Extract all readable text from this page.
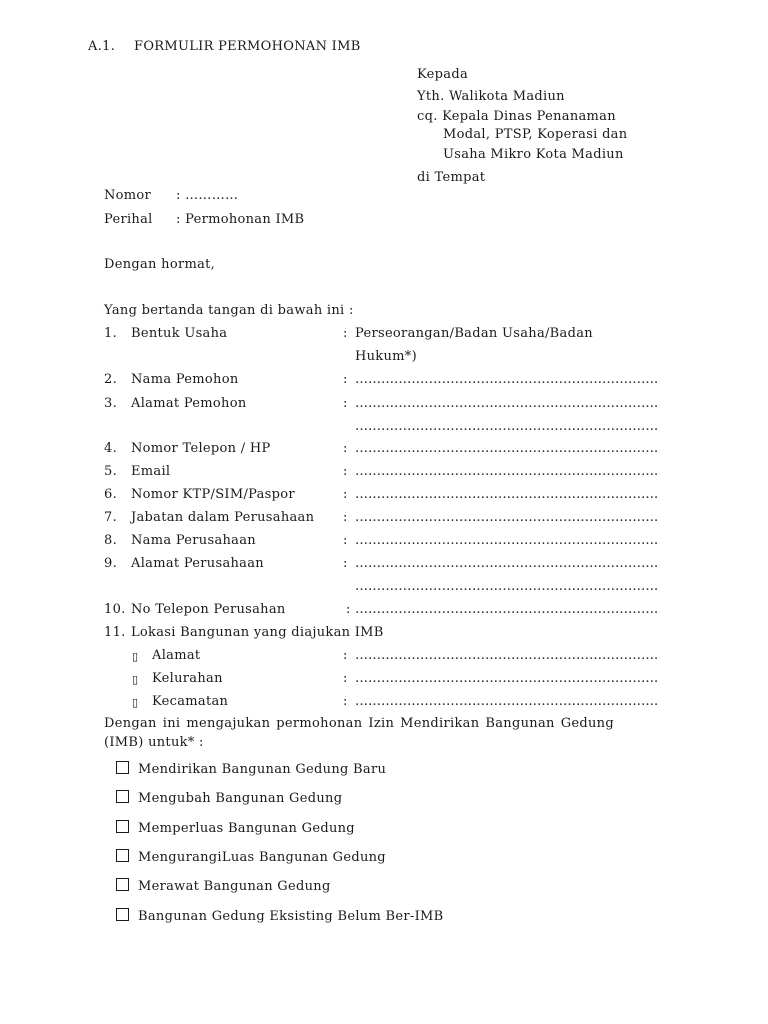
A.1. FORMULIR PERMOHONAN IMB
Kepada
Yth. Walikota Madiun
cq. Kepala Dinas Penanaman
Modal, PTSP, Koperasi dan
Usaha Mikro Kota Madiun
di Tempat
Nomor : …………
Perihal : Permohonan IMB
Dengan hormat,
Yang bertanda tangan di bawah ini :
1. Bentuk Usaha	: Perseorangan/Badan Usaha/Badan
Hukum*)
2. Nama Pemohon	: …………………………………………………………….
3. Alamat Pemohon	: …………………………………………………………….
…………………………………………………………….
4. Nomor Telepon / HP	: …………………………………………………………….
5. Email	: …………………………………………………………….
6. Nomor KTP/SIM/Paspor	: …………………………………………………………….
7. Jabatan dalam Perusahaan : …………………………………………………………….
8. Nama Perusahaan	: …………………………………………………………….
9. Alamat Perusahaan	: …………………………………………………………….
…………………………………………………………….
10. No Telepon Perusahan	: …………………………………………………………….
11. Lokasi Bangunan yang diajukan IMB
▯ Alamat	: …………………………………………………………….
▯ Kelurahan	: …………………………………………………………….
▯ Kecamatan	: …………………………………………………………….
Dengan ini mengajukan permohonan Izin Mendirikan Bangunan Gedung
(IMB) untuk* :
Mendirikan Bangunan Gedung Baru
Mengubah Bangunan Gedung
Memperluas Bangunan Gedung
MengurangiLuas Bangunan Gedung
Merawat Bangunan Gedung
Bangunan Gedung Eksisting Belum Ber-IMB
